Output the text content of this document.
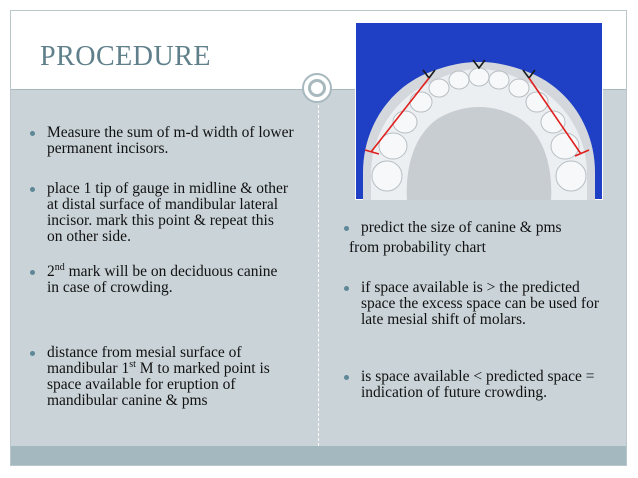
PROCEDURE
Measure the sum of m-d width of lower permanent incisors.
place 1 tip of gauge in midline & other at distal surface of mandibular lateral incisor. mark this point & repeat this on other side.
2nd mark will be on deciduous canine in case of crowding.
distance from mesial surface of mandibular 1st M to marked point is space available for eruption of mandibular canine & pms
predict the size of canine & pms
if space available is > the predicted space the excess space can be used for late mesial shift of molars.
is space available < predicted space = indication of future crowding.
from probability chart
